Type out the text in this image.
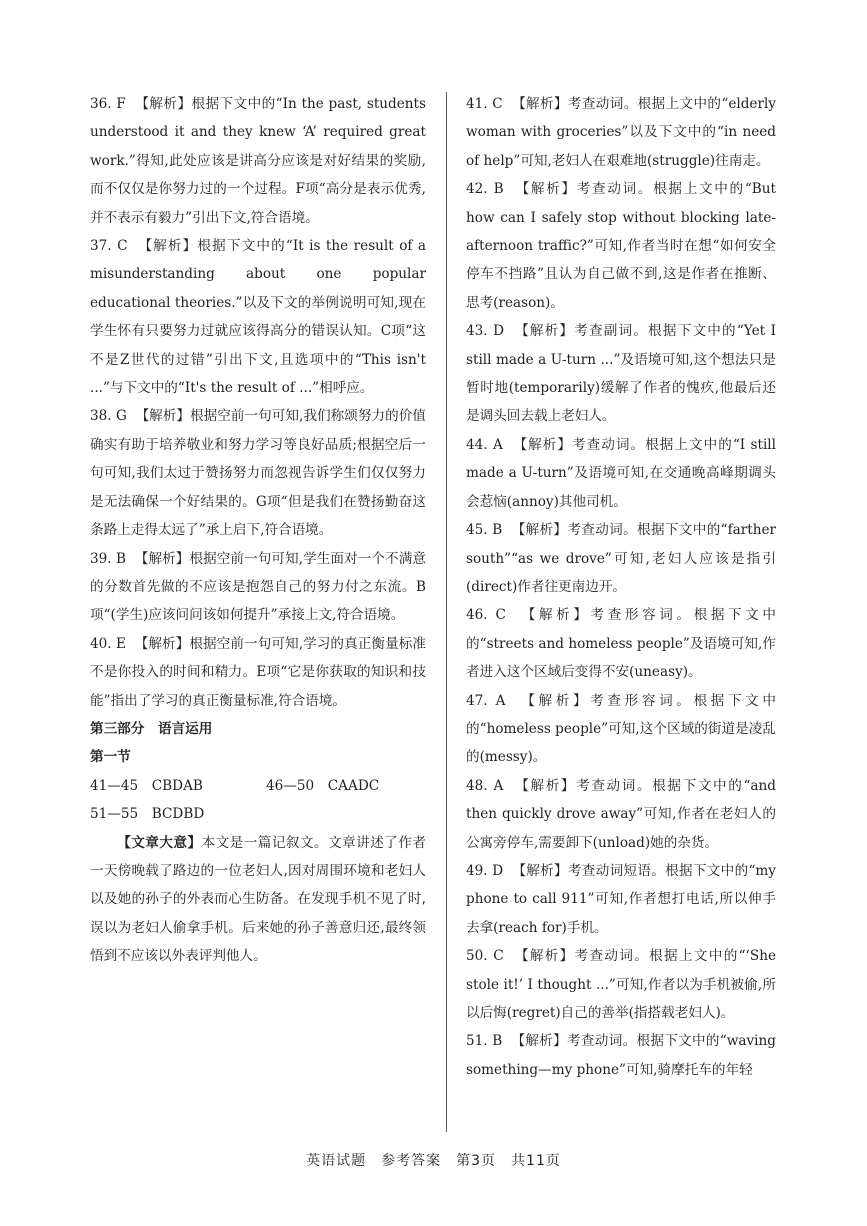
36. F 【解析】根据下文中的“In the past, students understood it and they knew ‘A’ required great work.”得知,此处应该是讲高分应该是对好结果的奖励,而不仅仅是你努力过的一个过程。F项“高分是表示优秀,并不表示有毅力”引出下文,符合语境。
37. C 【解析】根据下文中的“It is the result of a misunderstanding about one popular educational theories.”以及下文的举例说明可知,现在学生怀有只要努力过就应该得高分的错误认知。C项“这不是Z世代的过错”引出下文,且选项中的“This isn't ...”与下文中的“It's the result of ...”相呼应。
38. G 【解析】根据空前一句可知,我们称颂努力的价值确实有助于培养敬业和努力学习等良好品质;根据空后一句可知,我们太过于赞扬努力而忽视告诉学生们仅仅努力是无法确保一个好结果的。G项“但是我们在赞扬勤奋这条路上走得太远了”承上启下,符合语境。
39. B 【解析】根据空前一句可知,学生面对一个不满意的分数首先做的不应该是抱怨自己的努力付之东流。B项“(学生)应该问问该如何提升”承接上文,符合语境。
40. E 【解析】根据空前一句可知,学习的真正衡量标准不是你投入的时间和精力。E项“它是你获取的知识和技能”指出了学习的真正衡量标准,符合语境。
第三部分　语言运用
第一节
41—45　CBDAB	46—50　CAADC
51—55　BCDBD
【文章大意】本文是一篇记叙文。文章讲述了作者一天傍晚载了路边的一位老妇人,因对周围环境和老妇人以及她的孙子的外表而心生防备。在发现手机不见了时,误以为老妇人偷拿手机。后来她的孙子善意归还,最终领悟到不应该以外表评判他人。
41. C 【解析】考查动词。根据上文中的“elderly woman with groceries”以及下文中的“in need of help”可知,老妇人在艰难地(struggle)往南走。
42. B 【解析】考查动词。根据上文中的“But how can I safely stop without blocking late-afternoon traffic?”可知,作者当时在想“如何安全停车不挡路”且认为自己做不到,这是作者在推断、思考(reason)。
43. D 【解析】考查副词。根据下文中的“Yet I still made a U-turn ...”及语境可知,这个想法只是暂时地(temporarily)缓解了作者的愧疚,他最后还是调头回去载上老妇人。
44. A 【解析】考查动词。根据上文中的“I still made a U-turn”及语境可知,在交通晚高峰期调头会惹恼(annoy)其他司机。
45. B 【解析】考查动词。根据下文中的“farther south”“as we drove”可知,老妇人应该是指引(direct)作者往更南边开。
46. C 【解析】考查形容词。根据下文中的“streets and homeless people”及语境可知,作者进入这个区域后变得不安(uneasy)。
47. A 【解析】考查形容词。根据下文中的“homeless people”可知,这个区域的街道是凌乱的(messy)。
48. A 【解析】考查动词。根据下文中的“and then quickly drove away”可知,作者在老妇人的公寓旁停车,需要卸下(unload)她的杂货。
49. D 【解析】考查动词短语。根据下文中的“my phone to call 911”可知,作者想打电话,所以伸手去拿(reach for)手机。
50. C 【解析】考查动词。根据上文中的“‘She stole it!’ I thought ...”可知,作者以为手机被偷,所以后悔(regret)自己的善举(指搭载老妇人)。
51. B 【解析】考查动词。根据下文中的“waving something—my phone”可知,骑摩托车的年轻
英语试题　参考答案　第3页　共11页
